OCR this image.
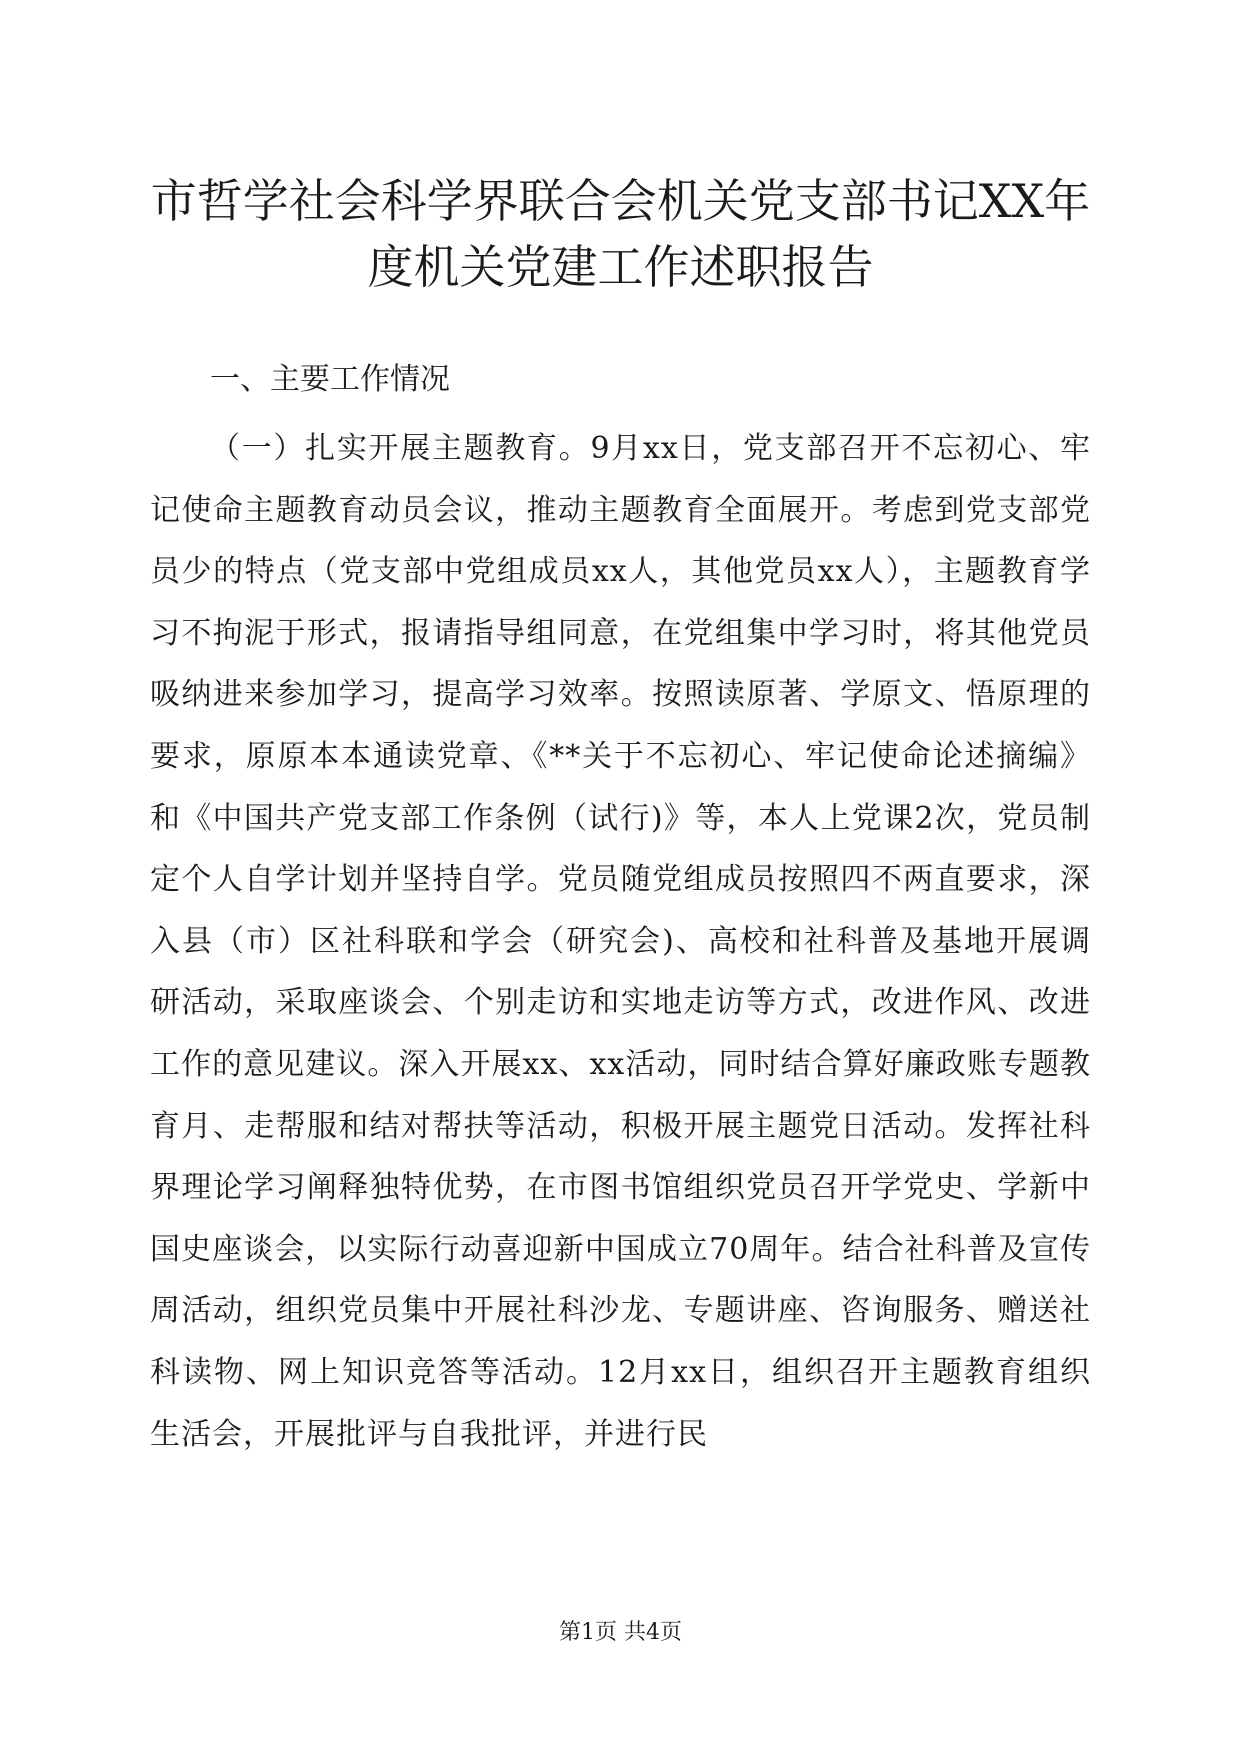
市哲学社会科学界联合会机关党支部书记XX年度机关党建工作述职报告

一、主要工作情况

（一）扎实开展主题教育。9月xx日，党支部召开不忘初心、牢记使命主题教育动员会议，推动主题教育全面展开。考虑到党支部党员少的特点（党支部中党组成员xx人，其他党员xx人），主题教育学习不拘泥于形式，报请指导组同意，在党组集中学习时，将其他党员吸纳进来参加学习，提高学习效率。按照读原著、学原文、悟原理的要求，原原本本通读党章、《**关于不忘初心、牢记使命论述摘编》和《中国共产党支部工作条例（试行)》等，本人上党课2次，党员制定个人自学计划并坚持自学。党员随党组成员按照四不两直要求，深入县（市）区社科联和学会（研究会)、高校和社科普及基地开展调研活动，采取座谈会、个别走访和实地走访等方式，改进作风、改进工作的意见建议。深入开展xx、xx活动，同时结合算好廉政账专题教育月、走帮服和结对帮扶等活动，积极开展主题党日活动。发挥社科界理论学习阐释独特优势，在市图书馆组织党员召开学党史、学新中国史座谈会，以实际行动喜迎新中国成立70周年。结合社科普及宣传周活动，组织党员集中开展社科沙龙、专题讲座、咨询服务、赠送社科读物、网上知识竞答等活动。12月xx日，组织召开主题教育组织生活会，开展批评与自我批评，并进行民

第1页 共4页
